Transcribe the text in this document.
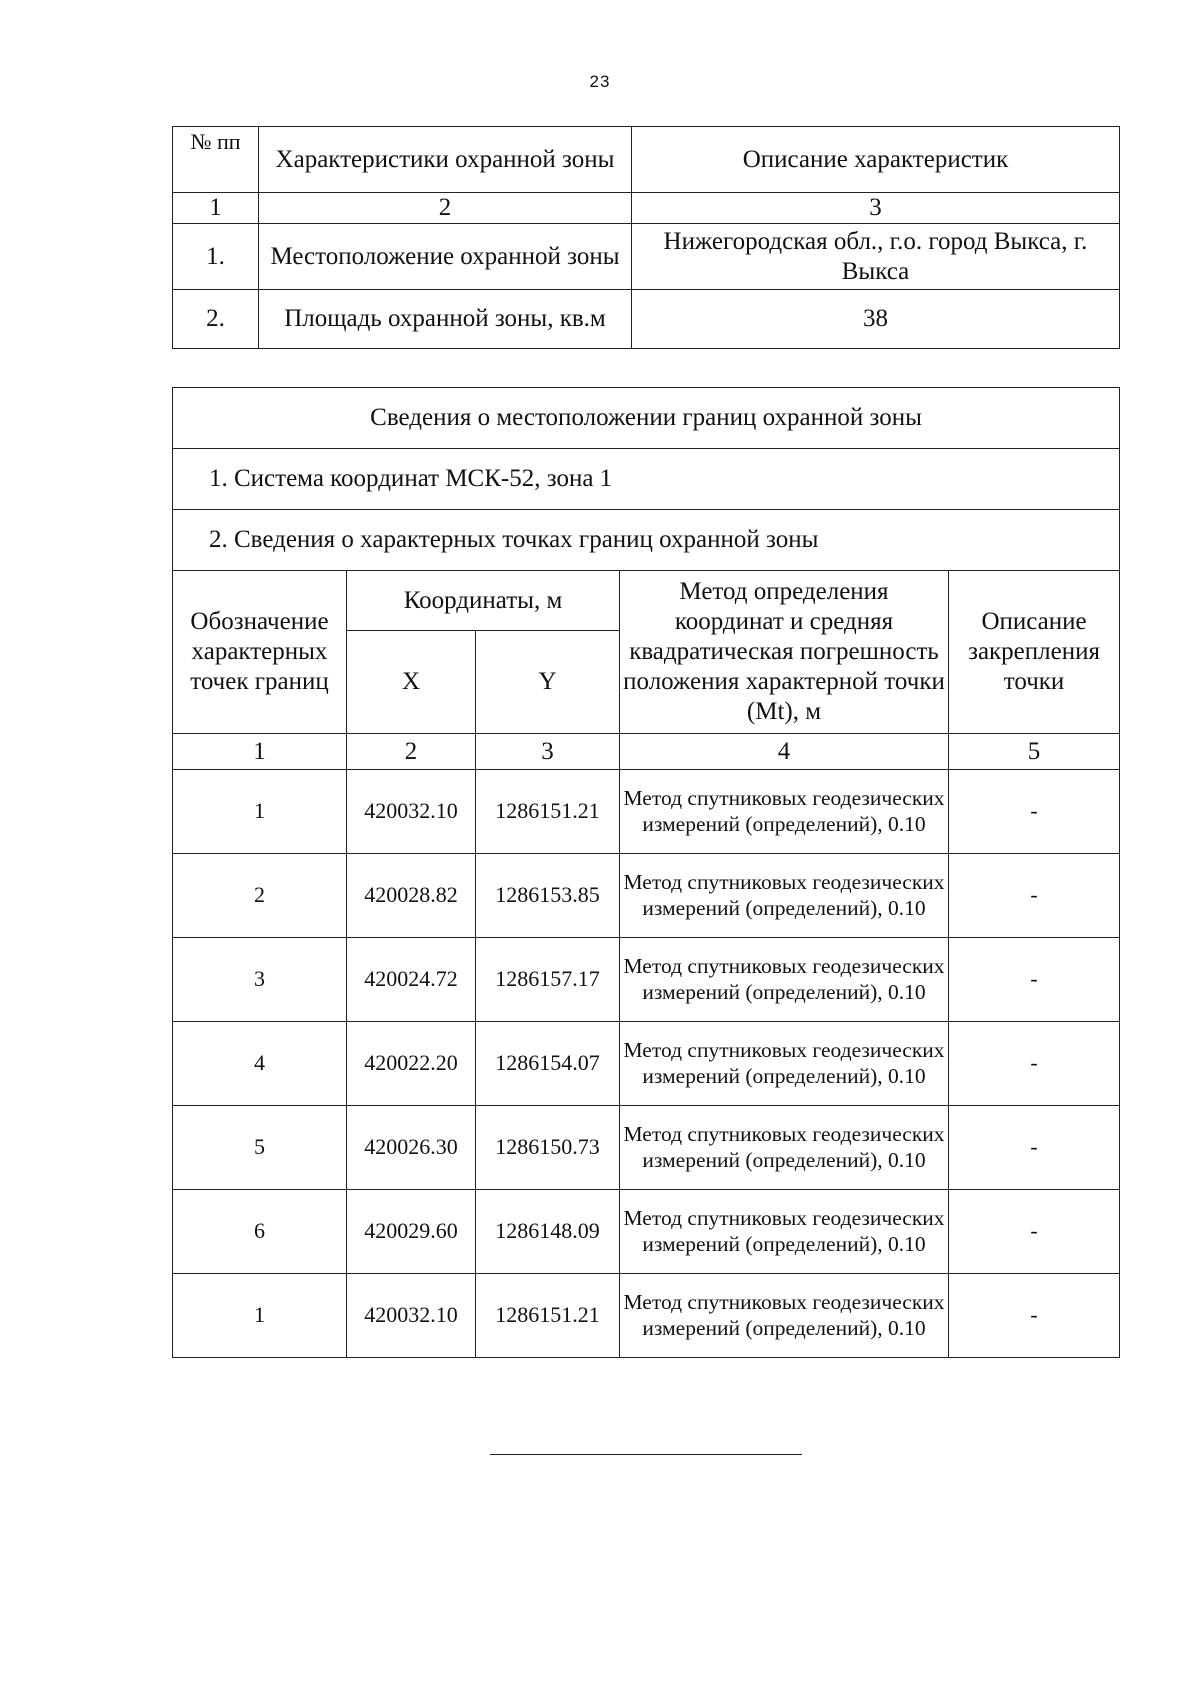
23
№ пп	Характеристики охранной зоны	Описание характеристик
1	2	3
1.	Местоположение охранной зоны	Нижегородская обл., г.о. город Выкса, г. Выкса
2.	Площадь охранной зоны, кв.м	38
Сведения о местоположении границ охранной зоны				
1. Система координат МСК-52, зона 1				
2. Сведения о характерных точках границ охранной зоны				
Обозначение характерных точек границ	Координаты, м		Метод определения координат и средняя квадратическая погрешность положения характерной точки (Mt), м	Описание закрепления точки
	X	Y		
1	2	3	4	5
1	420032.10	1286151.21	Метод спутниковых геодезических измерений (определений), 0.10	-
2	420028.82	1286153.85	Метод спутниковых геодезических измерений (определений), 0.10	-
3	420024.72	1286157.17	Метод спутниковых геодезических измерений (определений), 0.10	-
4	420022.20	1286154.07	Метод спутниковых геодезических измерений (определений), 0.10	-
5	420026.30	1286150.73	Метод спутниковых геодезических измерений (определений), 0.10	-
6	420029.60	1286148.09	Метод спутниковых геодезических измерений (определений), 0.10	-
1	420032.10	1286151.21	Метод спутниковых геодезических измерений (определений), 0.10	-
